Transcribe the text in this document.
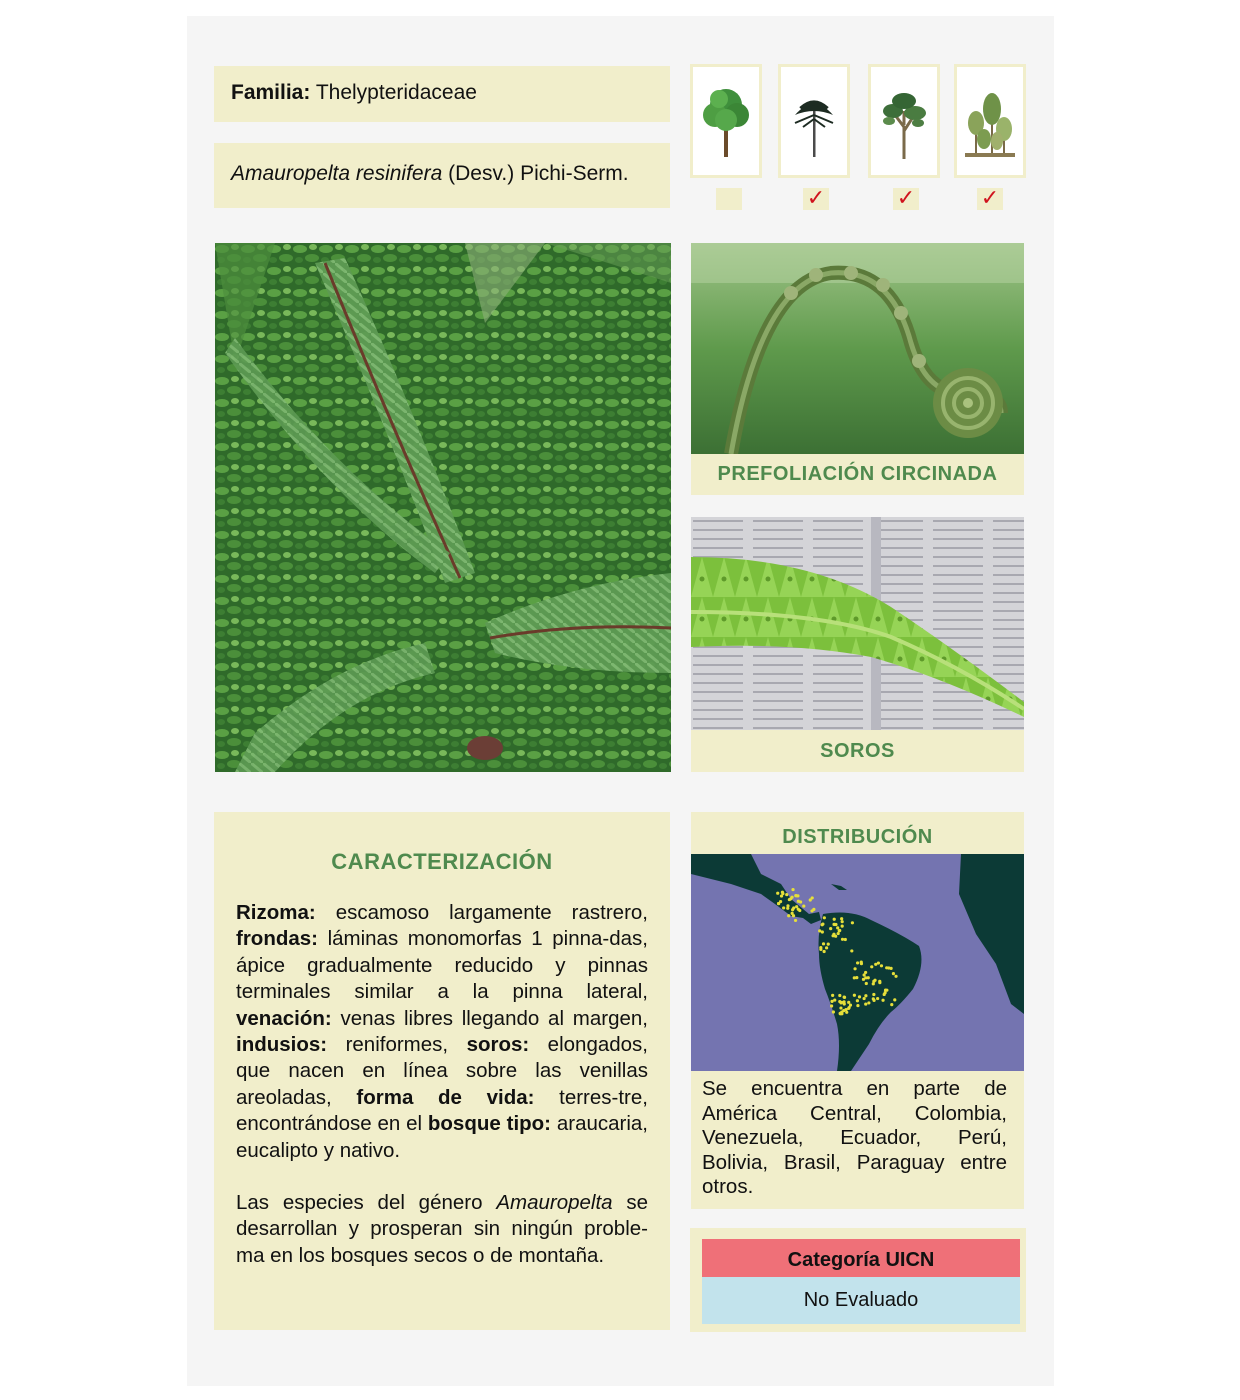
Familia: Thelypteridaceae
Amauropelta resinifera (Desv.) Pichi-Serm.
✓	✓	✓
PREFOLIACIÓN CIRCINADA
SOROS
CARACTERIZACIÓN

Rizoma: escamoso largamente rastrero, frondas: láminas monomorfas 1 pinna-das, ápice gradualmente reducido y pinnas terminales similar a la pinna lateral, venación: venas libres llegando al margen, indusios: reniformes, soros: elongados, que nacen en línea sobre las venillas areoladas, forma de vida: terres-tre, encontrándose en el bosque tipo: araucaria, eucalipto y nativo.

Las especies del género Amauropelta se desarrollan y prosperan sin ningún proble-ma en los bosques secos o de montaña.

DISTRIBUCIÓN
Se encuentra en parte de América Central, Colombia, Venezuela, Ecuador, Perú, Bolivia, Brasil, Paraguay entre otros.
Categoría UICN
No Evaluado
